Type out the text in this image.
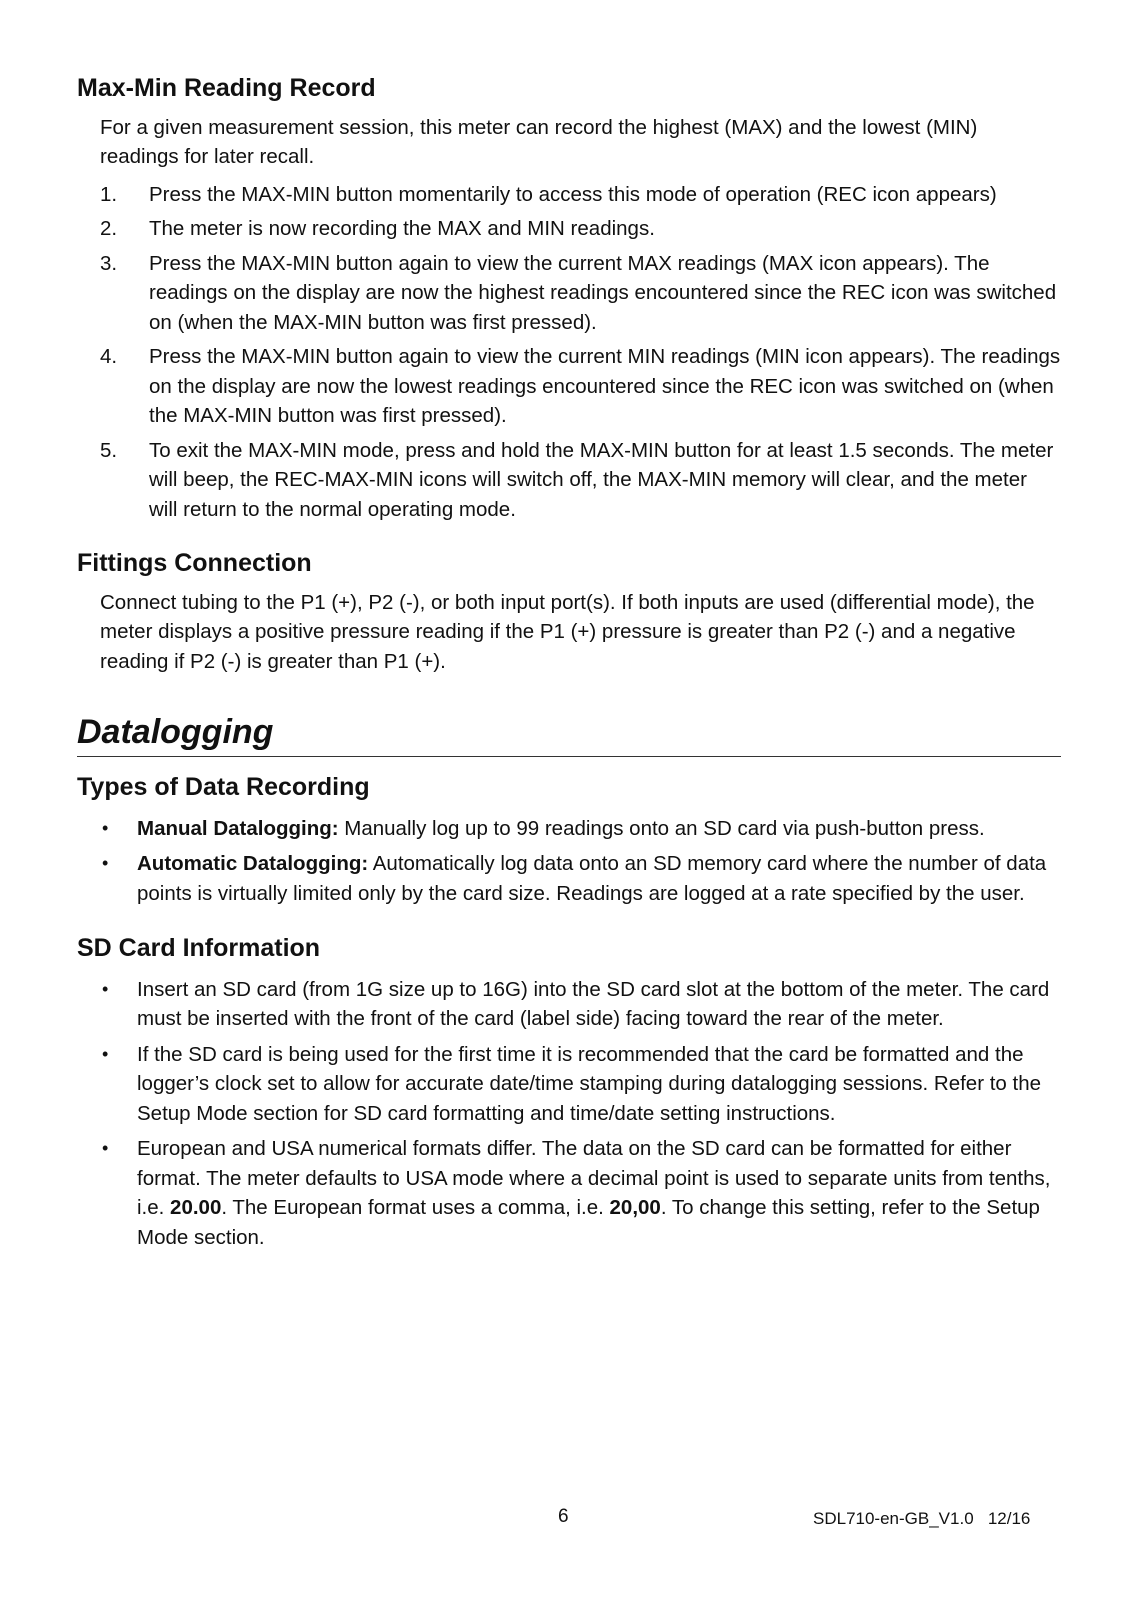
Max-Min Reading Record

For a given measurement session, this meter can record the highest (MAX) and the lowest (MIN) readings for later recall.

1. Press the MAX-MIN button momentarily to access this mode of operation (REC icon appears)
2. The meter is now recording the MAX and MIN readings.
3. Press the MAX-MIN button again to view the current MAX readings (MAX icon appears). The readings on the display are now the highest readings encountered since the REC icon was switched on (when the MAX-MIN button was first pressed).
4. Press the MAX-MIN button again to view the current MIN readings (MIN icon appears). The readings on the display are now the lowest readings encountered since the REC icon was switched on (when the MAX-MIN button was first pressed).
5. To exit the MAX-MIN mode, press and hold the MAX-MIN button for at least 1.5 seconds. The meter will beep, the REC-MAX-MIN icons will switch off, the MAX-MIN memory will clear, and the meter will return to the normal operating mode.
Fittings Connection

Connect tubing to the P1 (+), P2 (-), or both input port(s). If both inputs are used (differential mode), the meter displays a positive pressure reading if the P1 (+) pressure is greater than P2 (-) and a negative reading if P2 (-) is greater than P1 (+).

Datalogging
Types of Data Recording
• Manual Datalogging: Manually log up to 99 readings onto an SD card via push-button press.
• Automatic Datalogging: Automatically log data onto an SD memory card where the number of data points is virtually limited only by the card size. Readings are logged at a rate specified by the user.
SD Card Information
• Insert an SD card (from 1G size up to 16G) into the SD card slot at the bottom of the meter. The card must be inserted with the front of the card (label side) facing toward the rear of the meter.
• If the SD card is being used for the first time it is recommended that the card be formatted and the logger’s clock set to allow for accurate date/time stamping during datalogging sessions. Refer to the Setup Mode section for SD card formatting and time/date setting instructions.
• European and USA numerical formats differ. The data on the SD card can be formatted for either format. The meter defaults to USA mode where a decimal point is used to separate units from tenths, i.e. 20.00. The European format uses a comma, i.e. 20,00. To change this setting, refer to the Setup Mode section.
6	SDL710-en-GB_V1.0   12/16
